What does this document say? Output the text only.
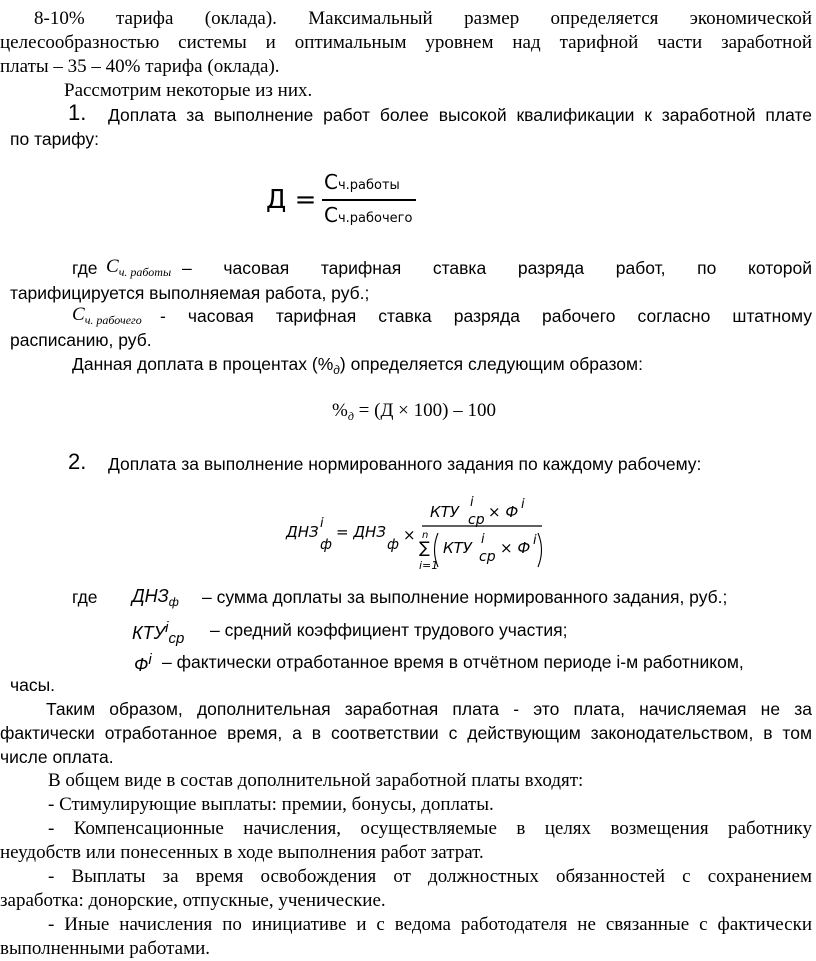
8-10% тарифа (оклада). Максимальный размер определяется экономической
целесообразностью системы и оптимальным уровнем над тарифной части заработной
платы – 35 – 40% тарифа (оклада).
Рассмотрим некоторые из них.
1. Доплата за выполнение работ более высокой квалификации к заработной плате
по тарифу:
Д =
Сч.работы
Сч.рабочего
где $С_{ч. работы}$ – часовая тарифная ставка разряда работ, по которой
тарифицируется выполняемая работа, руб.;
$С_{ч. рабочего}$ - часовая тарифная ставка разряда рабочего согласно штатному
расписанию, руб.
Данная доплата в процентах $(\%_д)$ определяется следующим образом:
$\%_д = (Д \times 100) - 100$
2. Доплата за выполнение нормированного задания по каждому рабочему:
ДНЗ i
ф
= ДНЗ
ф
×
КТУ
i
ср × Ф i
n
∑
i=1
КТУ i
ср × Ф i
где $ДНЗ_ф$ – сумма доплаты за выполнение нормированного задания, руб.;
$КТУ^i_{ср}$ – средний коэффициент трудового участия;
$Ф^i$ – фактически отработанное время в отчётном периоде i-м работником,
часы.
Таким образом, дополнительная заработная плата - это плата, начисляемая не за
фактически отработанное время, а в соответствии с действующим законодательством, в том
числе оплата.
В общем виде в состав дополнительной заработной платы входят:
- Стимулирующие выплаты: премии, бонусы, доплаты.
- Компенсационные начисления, осуществляемые в целях возмещения работнику
неудобств или понесенных в ходе выполнения работ затрат.
- Выплаты за время освобождения от должностных обязанностей с сохранением
заработка: донорские, отпускные, ученические.
- Иные начисления по инициативе и с ведома работодателя не связанные с фактически
выполненными работами.
